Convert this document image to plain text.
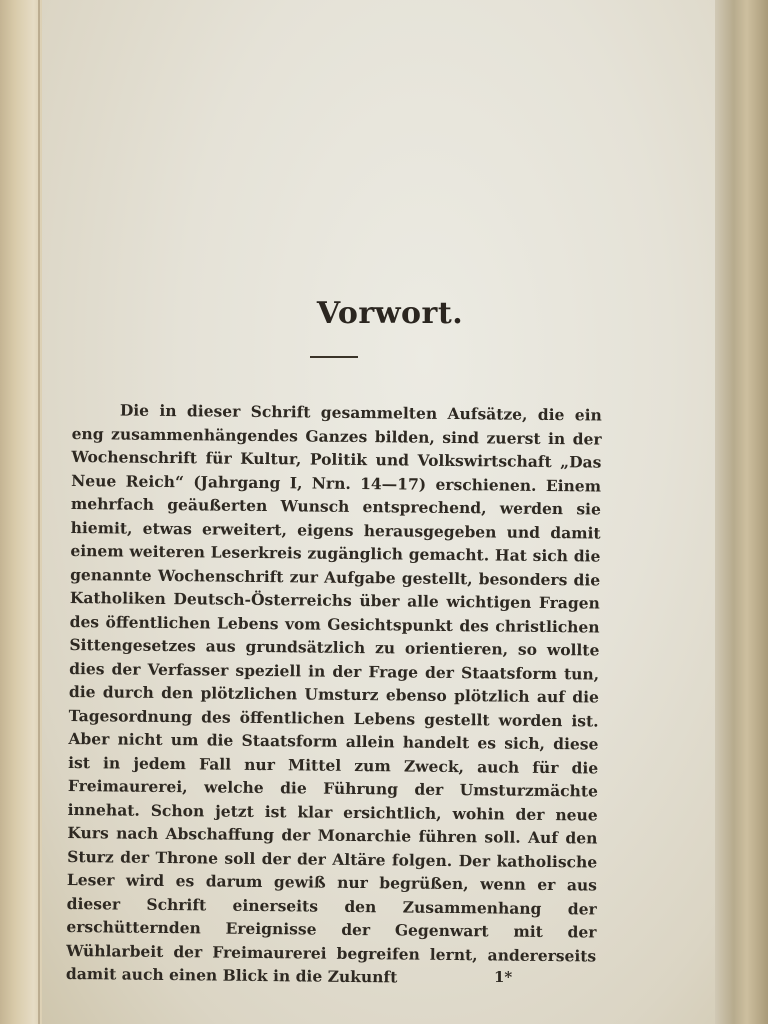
Vorwort.
Die in dieser Schrift gesammelten Aufsätze, die ein eng zusammenhängendes Ganzes bilden, sind zuerst in der Wochenschrift für Kultur, Politik und Volkswirtschaft „Das Neue Reich“ (Jahrgang I, Nrn. 14—17) erschienen. Einem mehrfach geäußerten Wunsch entsprechend, werden sie hiemit, etwas erweitert, eigens herausgegeben und damit einem weiteren Leserkreis zugänglich gemacht. Hat sich die genannte Wochenschrift zur Aufgabe gestellt, besonders die Katholiken Deutsch-Österreichs über alle wichtigen Fragen des öffentlichen Lebens vom Gesichtspunkt des christlichen Sittengesetzes aus grundsätzlich zu orientieren, so wollte dies der Verfasser speziell in der Frage der Staatsform tun, die durch den plötzlichen Umsturz ebenso plötzlich auf die Tagesordnung des öffentlichen Lebens gestellt worden ist. Aber nicht um die Staatsform allein handelt es sich, diese ist in jedem Fall nur Mittel zum Zweck, auch für die Freimaurerei, welche die Führung der Umsturzmächte innehat. Schon jetzt ist klar ersichtlich, wohin der neue Kurs nach Abschaffung der Monarchie führen soll. Auf den Sturz der Throne soll der der Altäre folgen. Der katholische Leser wird es darum gewiß nur begrüßen, wenn er aus dieser Schrift einerseits den Zusammenhang der erschütternden Ereignisse der Gegenwart mit der Wühlarbeit der Freimaurerei begreifen lernt, andererseits damit auch einen Blick in die Zukunft	1*
